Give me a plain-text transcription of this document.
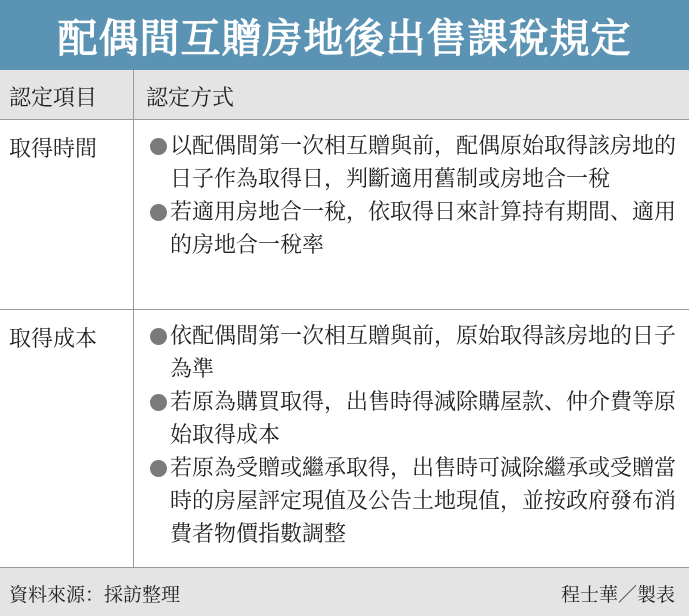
配偶間互贈房地後出售課稅規定
認定項目	認定方式
取得時間	以配偶間第一次相互贈與前，配偶原始取得該房地的日子作為取得日，判斷適用舊制或房地合一稅
若適用房地合一稅，依取得日來計算持有期間、適用的房地合一稅率
取得成本	依配偶間第一次相互贈與前，原始取得該房地的日子為準
若原為購買取得，出售時得減除購屋款、仲介費等原始取得成本
若原為受贈或繼承取得，出售時可減除繼承或受贈當時的房屋評定現值及公告土地現值，並按政府發布消費者物價指數調整
資料來源：採訪整理	程士華／製表
